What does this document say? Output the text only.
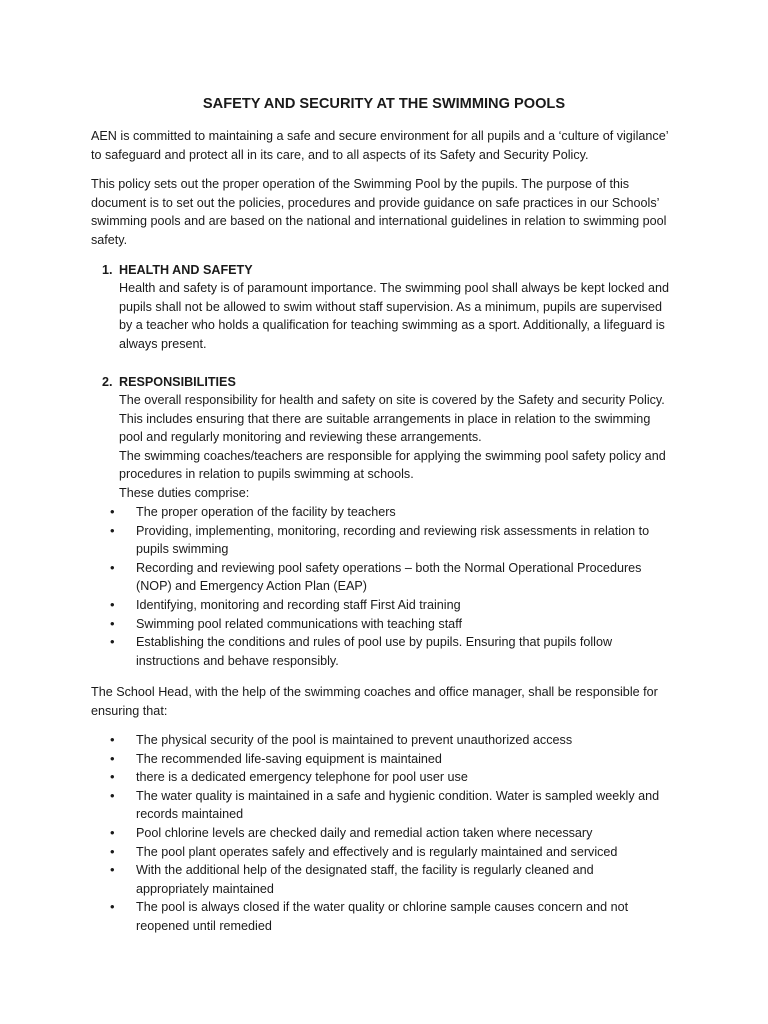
SAFETY AND SECURITY AT THE SWIMMING POOLS

AEN is committed to maintaining a safe and secure environment for all pupils and a ‘culture of vigilance’ to safeguard and protect all in its care, and to all aspects of its Safety and Security Policy.

This policy sets out the proper operation of the Swimming Pool by the pupils. The purpose of this document is to set out the policies, procedures and provide guidance on safe practices in our Schools’ swimming pools and are based on the national and international guidelines in relation to swimming pool safety.

1. HEALTH AND SAFETY

Health and safety is of paramount importance. The swimming pool shall always be kept locked and pupils shall not be allowed to swim without staff supervision. As a minimum, pupils are supervised by a teacher who holds a qualification for teaching swimming as a sport. Additionally, a lifeguard is always present.

2. RESPONSIBILITIES
The overall responsibility for health and safety on site is covered by the Safety and security Policy. This includes ensuring that there are suitable arrangements in place in relation to the swimming pool and regularly monitoring and reviewing these arrangements.
The swimming coaches/teachers are responsible for applying the swimming pool safety policy and procedures in relation to pupils swimming at schools.
These duties comprise:
• The proper operation of the facility by teachers
• Providing, implementing, monitoring, recording and reviewing risk assessments in relation to pupils swimming
• Recording and reviewing pool safety operations – both the Normal Operational Procedures (NOP) and Emergency Action Plan (EAP)
• Identifying, monitoring and recording staff First Aid training
• Swimming pool related communications with teaching staff
• Establishing the conditions and rules of pool use by pupils. Ensuring that pupils follow instructions and behave responsibly.

The School Head, with the help of the swimming coaches and office manager, shall be responsible for ensuring that:

• The physical security of the pool is maintained to prevent unauthorized access
• The recommended life-saving equipment is maintained
• there is a dedicated emergency telephone for pool user use
• The water quality is maintained in a safe and hygienic condition. Water is sampled weekly and records maintained
• Pool chlorine levels are checked daily and remedial action taken where necessary
• The pool plant operates safely and effectively and is regularly maintained and serviced
• With the additional help of the designated staff, the facility is regularly cleaned and appropriately maintained
• The pool is always closed if the water quality or chlorine sample causes concern and not reopened until remedied
